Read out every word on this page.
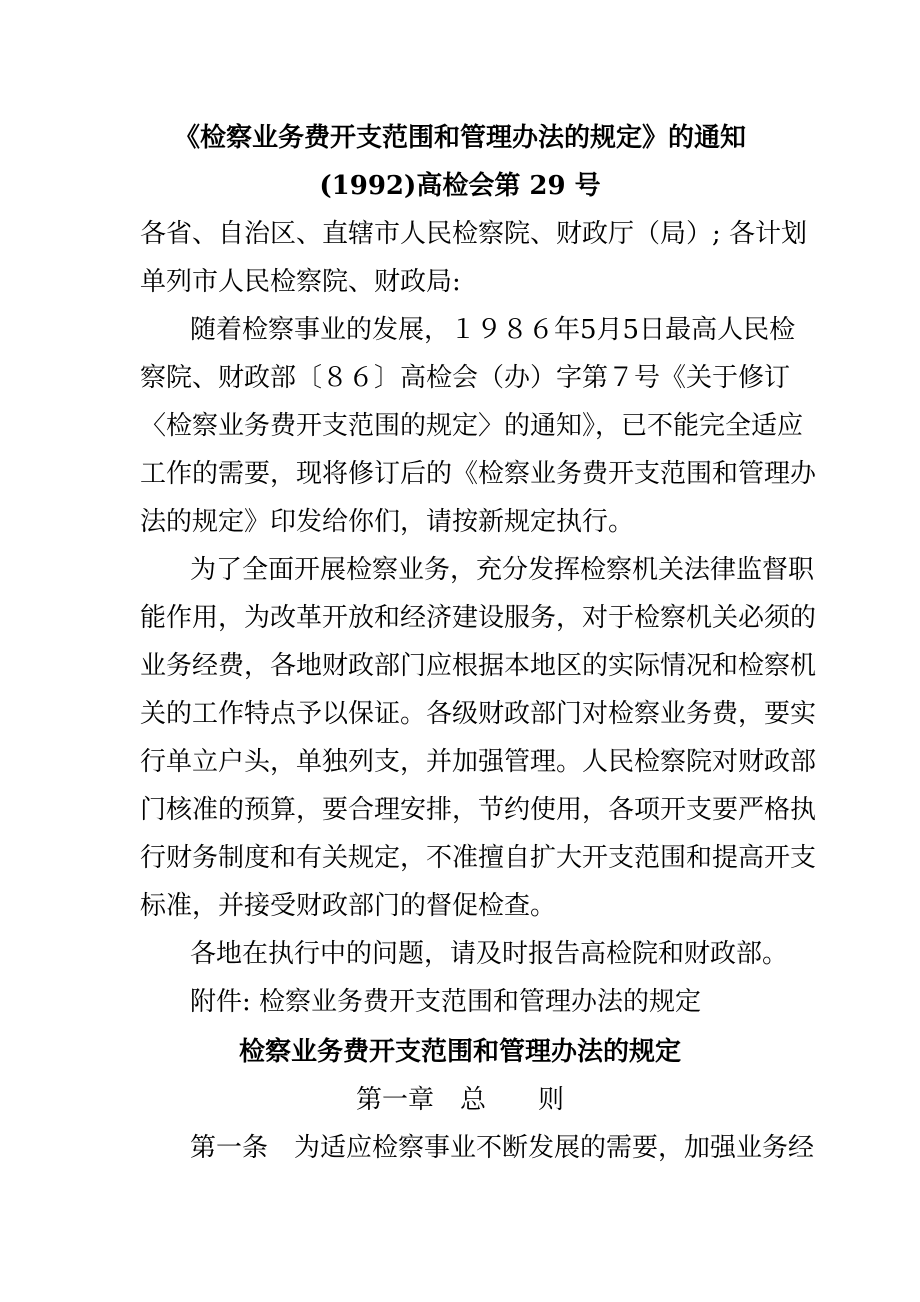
《检察业务费开支范围和管理办法的规定》的通知
(1992)高检会第 29 号
各省、自治区、直辖市人民检察院、财政厅（局）; 各计划
单列市人民检察院、财政局:
随着检察事业的发展，１９８６年5月5日最高人民检
察院、财政部〔８６〕高检会（办）字第７号《关于修订
〈检察业务费开支范围的规定〉的通知》，已不能完全适应
工作的需要，现将修订后的《检察业务费开支范围和管理办
法的规定》印发给你们，请按新规定执行。
为了全面开展检察业务，充分发挥检察机关法律监督职
能作用，为改革开放和经济建设服务，对于检察机关必须的
业务经费，各地财政部门应根据本地区的实际情况和检察机
关的工作特点予以保证。各级财政部门对检察业务费，要实
行单立户头，单独列支，并加强管理。人民检察院对财政部
门核准的预算，要合理安排，节约使用，各项开支要严格执
行财务制度和有关规定，不准擅自扩大开支范围和提高开支
标准，并接受财政部门的督促检查。
各地在执行中的问题，请及时报告高检院和财政部。
附件: 检察业务费开支范围和管理办法的规定
检察业务费开支范围和管理办法的规定
第一章　总　　则
第一条　为适应检察事业不断发展的需要，加强业务经
